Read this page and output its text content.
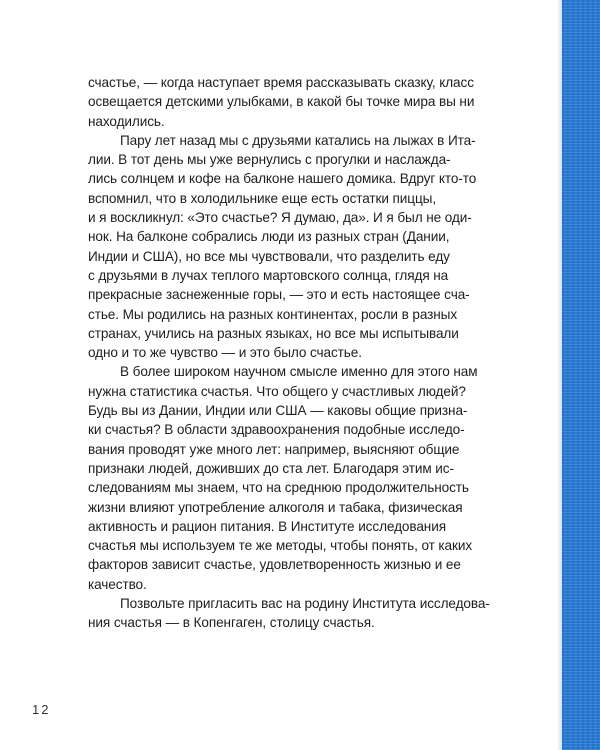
счастье, — когда наступает время рассказывать сказку, класс
освещается детскими улыбками, в какой бы точке мира вы ни
находились.
Пару лет назад мы с друзьями катались на лыжах в Ита-
лии. В тот день мы уже вернулись с прогулки и наслажда-
лись солнцем и кофе на балконе нашего домика. Вдруг кто-то
вспомнил, что в холодильнике еще есть остатки пиццы,
и я воскликнул: «Это счастье? Я думаю, да». И я был не оди-
нок. На балконе собрались люди из разных стран (Дании,
Индии и США), но все мы чувствовали, что разделить еду
с друзьями в лучах теплого мартовского солнца, глядя на
прекрасные заснеженные горы, — это и есть настоящее сча-
стье. Мы родились на разных континентах, росли в разных
странах, учились на разных языках, но все мы испытывали
одно и то же чувство — и это было счастье.
В более широком научном смысле именно для этого нам
нужна статистика счастья. Что общего у счастливых людей?
Будь вы из Дании, Индии или США — каковы общие призна-
ки счастья? В области здравоохранения подобные исследо-
вания проводят уже много лет: например, выясняют общие
признаки людей, доживших до ста лет. Благодаря этим ис-
следованиям мы знаем, что на среднюю продолжительность
жизни влияют употребление алкоголя и табака, физическая
активность и рацион питания. В Институте исследования
счастья мы используем те же методы, чтобы понять, от каких
факторов зависит счастье, удовлетворенность жизнью и ее
качество.
Позвольте пригласить вас на родину Института исследова-
ния счастья — в Копенгаген, столицу счастья.
12
